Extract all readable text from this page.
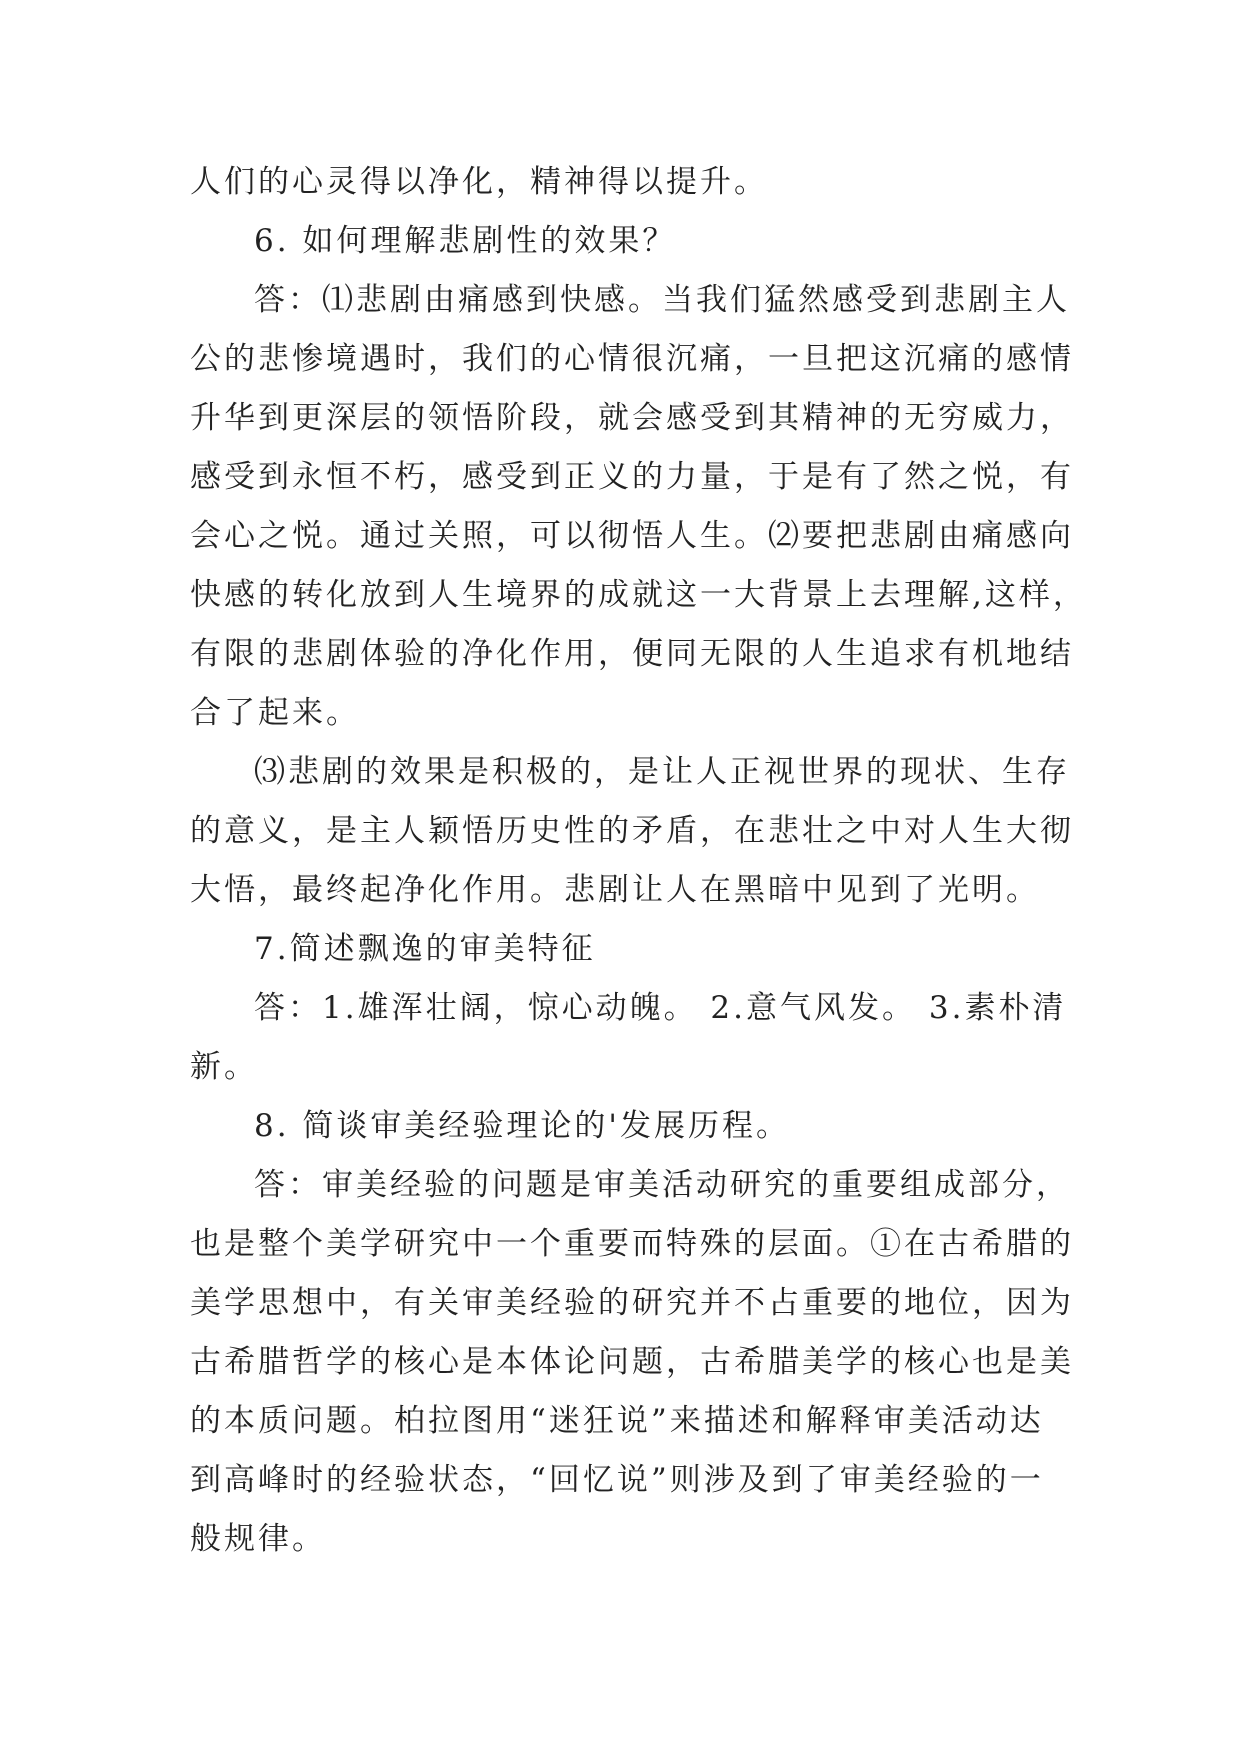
人们的心灵得以净化，精神得以提升。
6. 如何理解悲剧性的效果？
答：⑴悲剧由痛感到快感。当我们猛然感受到悲剧主人
公的悲惨境遇时，我们的心情很沉痛，一旦把这沉痛的感情
升华到更深层的领悟阶段，就会感受到其精神的无穷威力，
感受到永恒不朽，感受到正义的力量，于是有了然之悦，有
会心之悦。通过关照，可以彻悟人生。⑵要把悲剧由痛感向
快感的转化放到人生境界的成就这一大背景上去理解,这样，
有限的悲剧体验的净化作用，便同无限的人生追求有机地结
合了起来。
⑶悲剧的效果是积极的，是让人正视世界的现状、生存
的意义，是主人颖悟历史性的矛盾，在悲壮之中对人生大彻
大悟，最终起净化作用。悲剧让人在黑暗中见到了光明。
7.简述飘逸的审美特征
答：1.雄浑壮阔，惊心动魄。 2.意气风发。 3.素朴清
新。
8. 简谈审美经验理论的'发展历程。
答：审美经验的问题是审美活动研究的重要组成部分，
也是整个美学研究中一个重要而特殊的层面。①在古希腊的
美学思想中，有关审美经验的研究并不占重要的地位，因为
古希腊哲学的核心是本体论问题，古希腊美学的核心也是美
的本质问题。柏拉图用“迷狂说”来描述和解释审美活动达
到高峰时的经验状态，“回忆说”则涉及到了审美经验的一
般规律。
